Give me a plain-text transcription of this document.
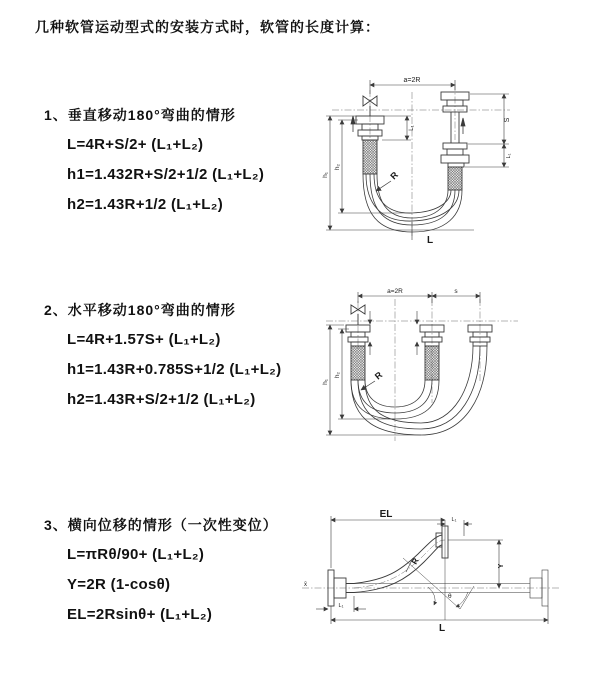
几种软管运动型式的安装方式时，软管的长度计算：
1、垂直移动180°弯曲的情形
L=4R+S/2+ (L₁+L₂)
h1=1.432R+S/2+1/2 (L₁+L₂)
h2=1.43R+1/2 (L₁+L₂)
2、水平移动180°弯曲的情形
L=4R+1.57S+ (L₁+L₂)
h1=1.43R+0.785S+1/2 (L₁+L₂)
h2=1.43R+S/2+1/2 (L₁+L₂)
3、横向位移的情形（一次性变位）
L=πRθ/90+ (L₁+L₂)
Y=2R (1-cosθ)
EL=2Rsinθ+ (L₁+L₂)
R
a=2R
h₁
h₂
L₁
S
L₁
L
R
a=2R	s
h₁
h₂
θ
R
EL	L₁
Y
L
L₁
x̄
